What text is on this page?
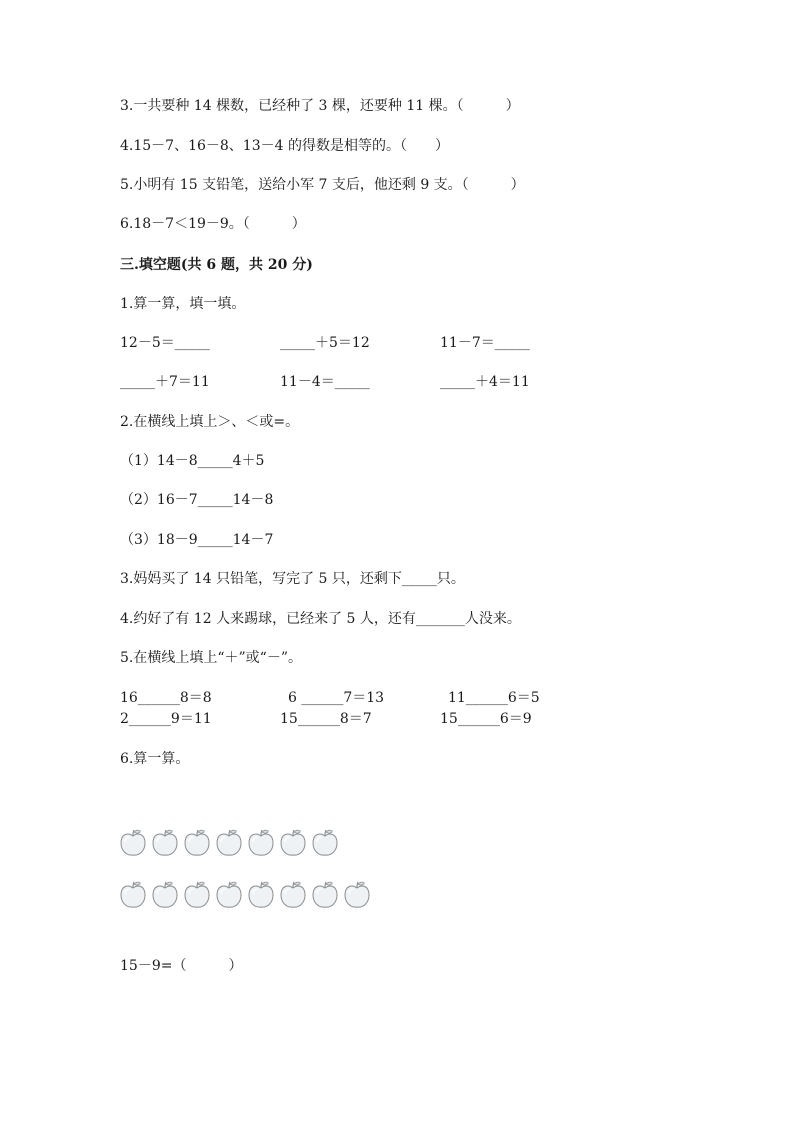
3.一共要种 14 棵数，已经种了 3 棵，还要种 11 棵。（　　　）
4.15－7、16－8、13－4 的得数是相等的。（　　）
5.小明有 15 支铅笔，送给小军 7 支后，他还剩 9 支。（　　　）
6.18－7＜19－9。（　　　）
三.填空题(共 6 题，共 20 分)
1.算一算，填一填。
12－5＝_____	_____＋5＝12	11－7＝_____
_____＋7＝11	11－4＝_____	_____＋4＝11
2.在横线上填上＞、＜或=。
（1）14－8_____4＋5
（2）16－7_____14－8
（3）18－9_____14－7
3.妈妈买了 14 只铅笔，写完了 5 只，还剩下_____只。
4.约好了有 12 人来踢球，已经来了 5 人，还有_______人没来。
5.在横线上填上“＋”或“－”。
16______8＝8	6 ______7＝13	11______6＝5
2______9＝11	15______8＝7	15______6＝9
6.算一算。
15－9=（　　　）
